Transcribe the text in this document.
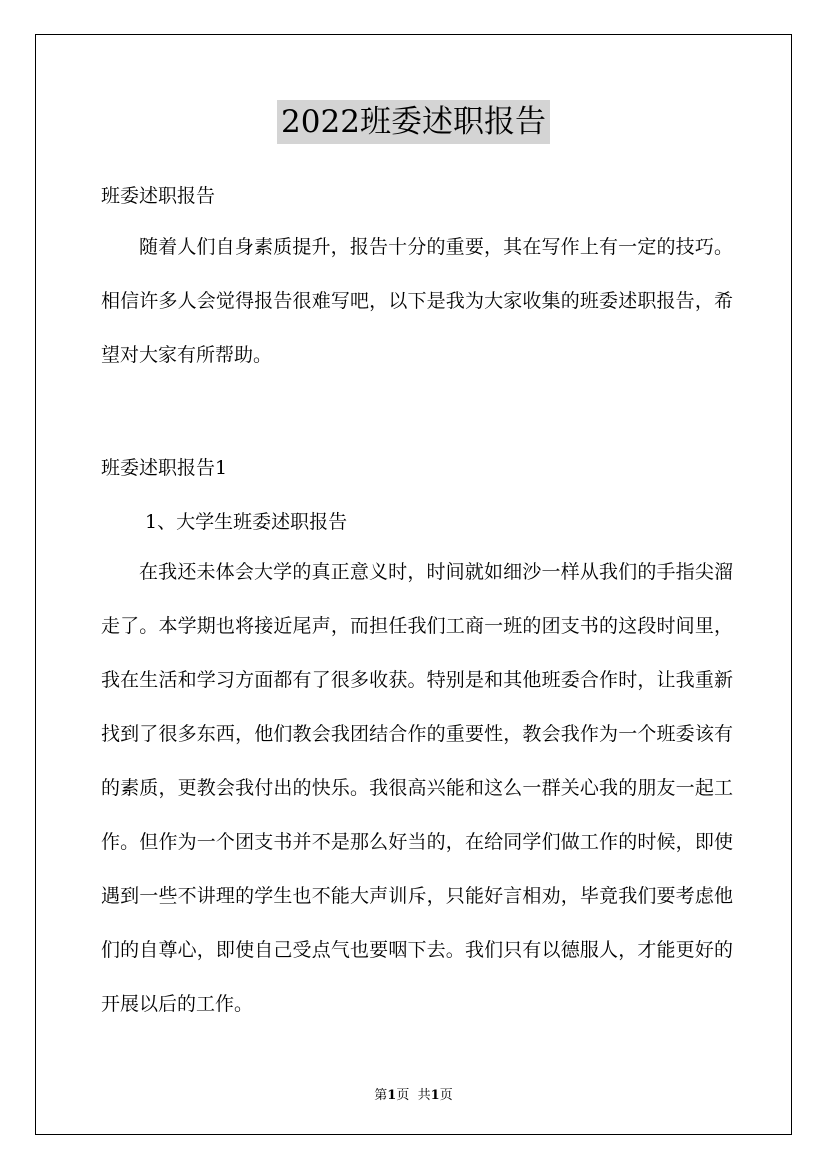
2022班委述职报告
班委述职报告

随着人们自身素质提升，报告十分的重要，其在写作上有一定的技巧。相信许多人会觉得报告很难写吧，以下是我为大家收集的班委述职报告，希望对大家有所帮助。

班委述职报告1
1、大学生班委述职报告

在我还未体会大学的真正意义时，时间就如细沙一样从我们的手指尖溜走了。本学期也将接近尾声，而担任我们工商一班的团支书的这段时间里，我在生活和学习方面都有了很多收获。特别是和其他班委合作时，让我重新找到了很多东西，他们教会我团结合作的重要性，教会我作为一个班委该有的素质，更教会我付出的快乐。我很高兴能和这么一群关心我的朋友一起工作。但作为一个团支书并不是那么好当的，在给同学们做工作的时候，即使遇到一些不讲理的学生也不能大声训斥，只能好言相劝，毕竟我们要考虑他们的自尊心，即使自己受点气也要咽下去。我们只有以德服人，才能更好的开展以后的工作。

第1页 共1页
